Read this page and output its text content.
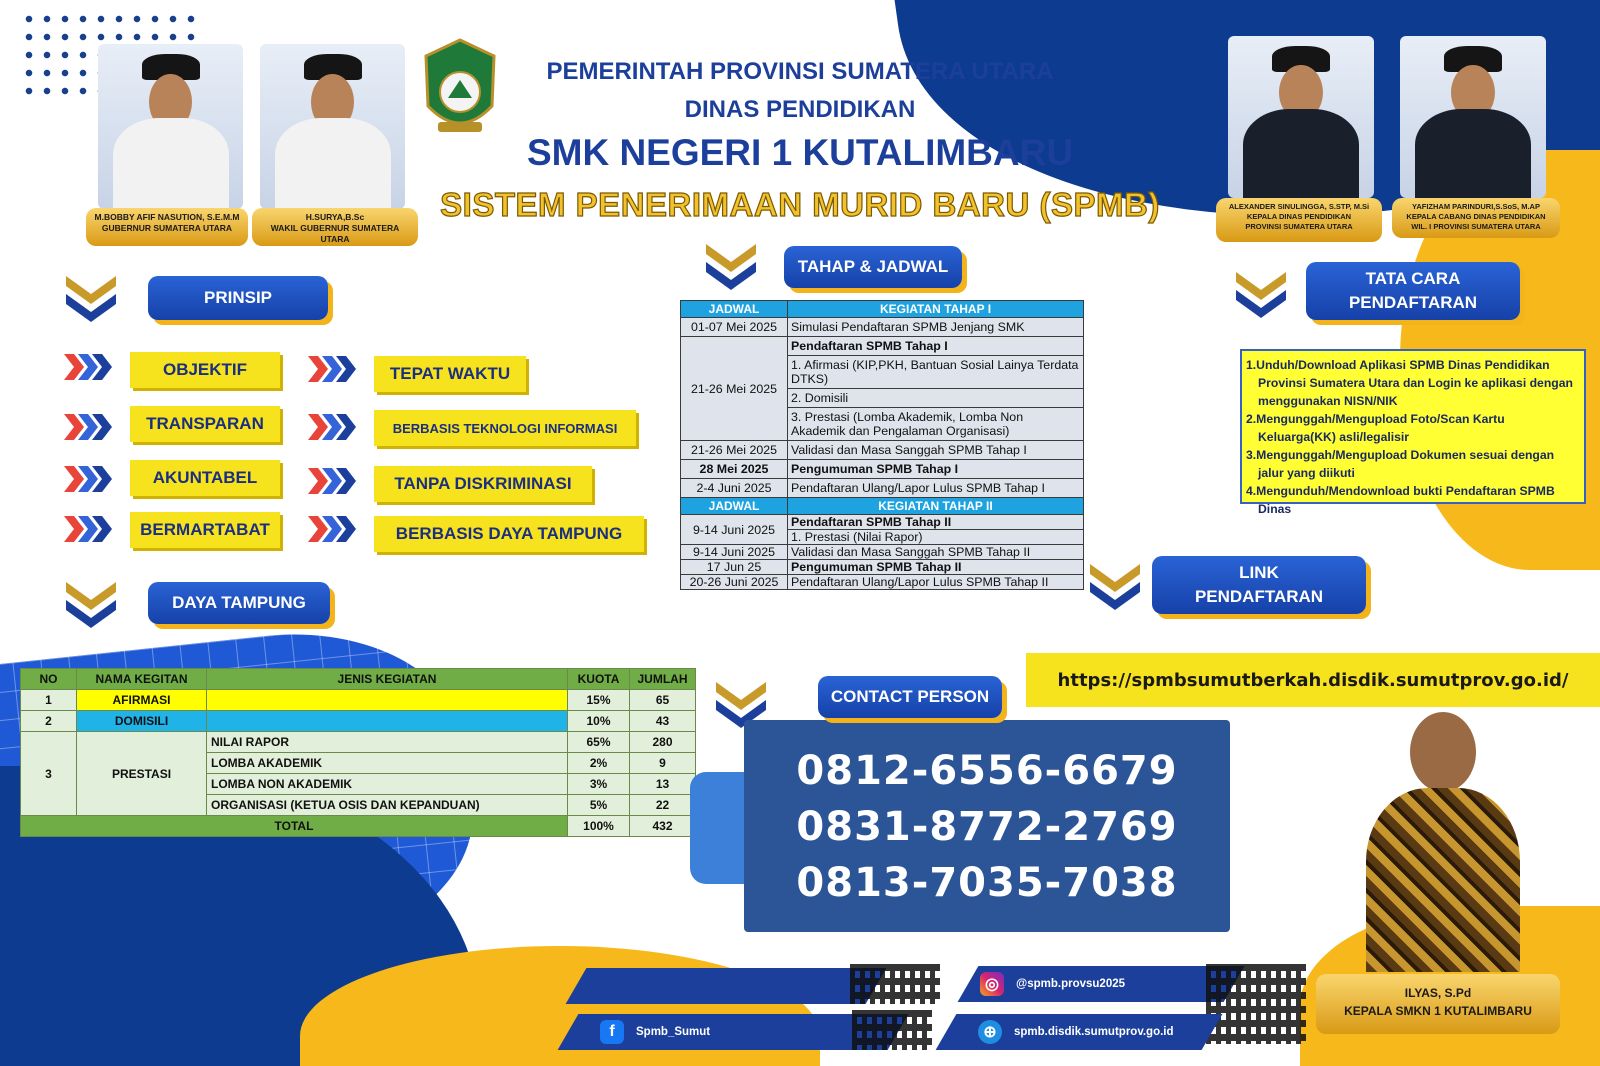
M.BOBBY AFIF NASUTION, S.E.M.M
GUBERNUR SUMATERA UTARA
H.SURYA,B.Sc
WAKIL GUBERNUR SUMATERA UTARA
PEMERINTAH PROVINSI SUMATERA UTARA
DINAS PENDIDIKAN
SMK NEGERI 1 KUTALIMBARU
SISTEM PENERIMAAN MURID BARU (SPMB)	ALEXANDER SINULINGGA, S.STP, M.Si
KEPALA DINAS PENDIDIKAN
PROVINSI SUMATERA UTARA
YAFIZHAM PARINDURI,S.SoS, M.AP
KEPALA CABANG DINAS PENDIDIKAN
WIL. I PROVINSI SUMATERA UTARA
PRINSIP
OBJEKTIF	TEPAT WAKTU
TRANSPARAN	BERBASIS TEKNOLOGI INFORMASI
AKUNTABEL	TANPA DISKRIMINASI
BERMARTABAT	BERBASIS DAYA TAMPUNG
DAYA TAMPUNG
NO	NAMA KEGITAN	JENIS KEGIATAN	KUOTA	JUMLAH
1	AFIRMASI		15%	65
2	DOMISILI		10%	43
3	PRESTASI	NILAI RAPOR	65%	280
		LOMBA AKADEMIK	2%	9
		LOMBA NON AKADEMIK	3%	13
		ORGANISASI (KETUA OSIS DAN KEPANDUAN)	5%	22
TOTAL			100%	432
TAHAP & JADWAL
JADWAL	KEGIATAN TAHAP I
01-07 Mei 2025	Simulasi Pendaftaran SPMB Jenjang SMK
21-26 Mei 2025	Pendaftaran SPMB Tahap I
	1. Afirmasi (KIP,PKH, Bantuan Sosial Lainya Terdata DTKS)
	2. Domisili
	3. Prestasi (Lomba Akademik, Lomba Non Akademik dan Pengalaman Organisasi)
21-26 Mei 2025	Validasi dan Masa Sanggah SPMB Tahap I
28 Mei 2025	Pengumuman SPMB Tahap I
2-4 Juni 2025	Pendaftaran Ulang/Lapor Lulus SPMB Tahap I
JADWAL	KEGIATAN TAHAP II
9-14 Juni 2025	Pendaftaran SPMB Tahap II
	1. Prestasi (Nilai Rapor)
9-14 Juni 2025	Validasi dan Masa Sanggah SPMB Tahap II
17 Jun 25	Pengumuman SPMB Tahap II
20-26 Juni 2025	Pendaftaran Ulang/Lapor Lulus SPMB Tahap II
TATA CARA
PENDAFTARAN
1.Unduh/Download Aplikasi SPMB Dinas Pendidikan Provinsi Sumatera Utara dan Login ke aplikasi dengan menggunakan NISN/NIK
2.Mengunggah/Mengupload Foto/Scan Kartu Keluarga(KK) asli/legalisir
3.Mengunggah/Mengupload Dokumen sesuai dengan jalur yang diikuti
4.Mengunduh/Mendownload bukti Pendaftaran SPMB Dinas
LINK
PENDAFTARAN
https://spmbsumutberkah.disdik.sumutprov.go.id/
CONTACT PERSON
0812-6556-6679
0831-8772-2769
0813-7035-7038
ILYAS, S.Pd
KEPALA SMKN 1 KUTALIMBARU
◎	@spmb.provsu2025
f	Spmb_Sumut	⊕	spmb.disdik.sumutprov.go.id
